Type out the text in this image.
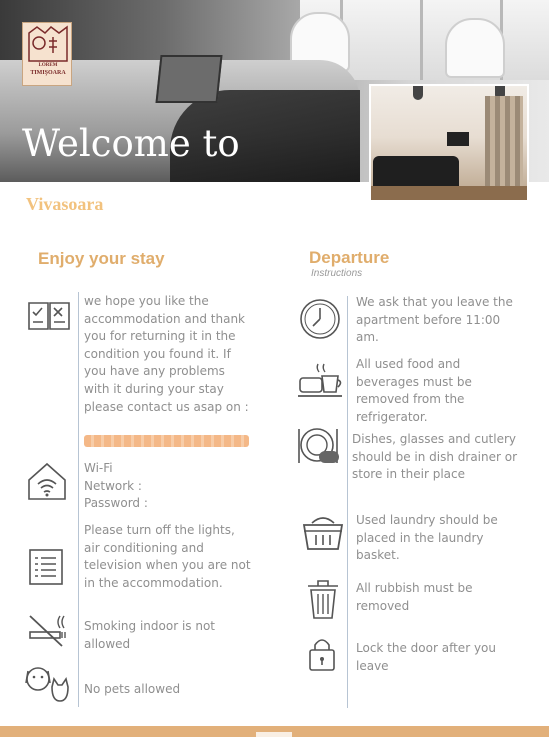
LOREM
TIMIŞOARA
Welcome to
Vivasoara
Enjoy your stay
we hope you like the accommodation and thank you for returning it in the condition you found it. If you have any problems with it during your stay please contact us asap on :
Wi-Fi
Network :
Password :
Please turn off the lights, air conditioning and television when you are not in the accommodation.
Smoking indoor is not allowed
No pets allowed
Departure
Instructions
We ask that you leave the apartment before 11:00 am.
All used food and beverages must be removed from the refrigerator.
Dishes, glasses and cutlery should be in dish drainer or store in their place
Used laundry should be placed in the laundry basket.
All rubbish must be removed
Lock the door after you leave
